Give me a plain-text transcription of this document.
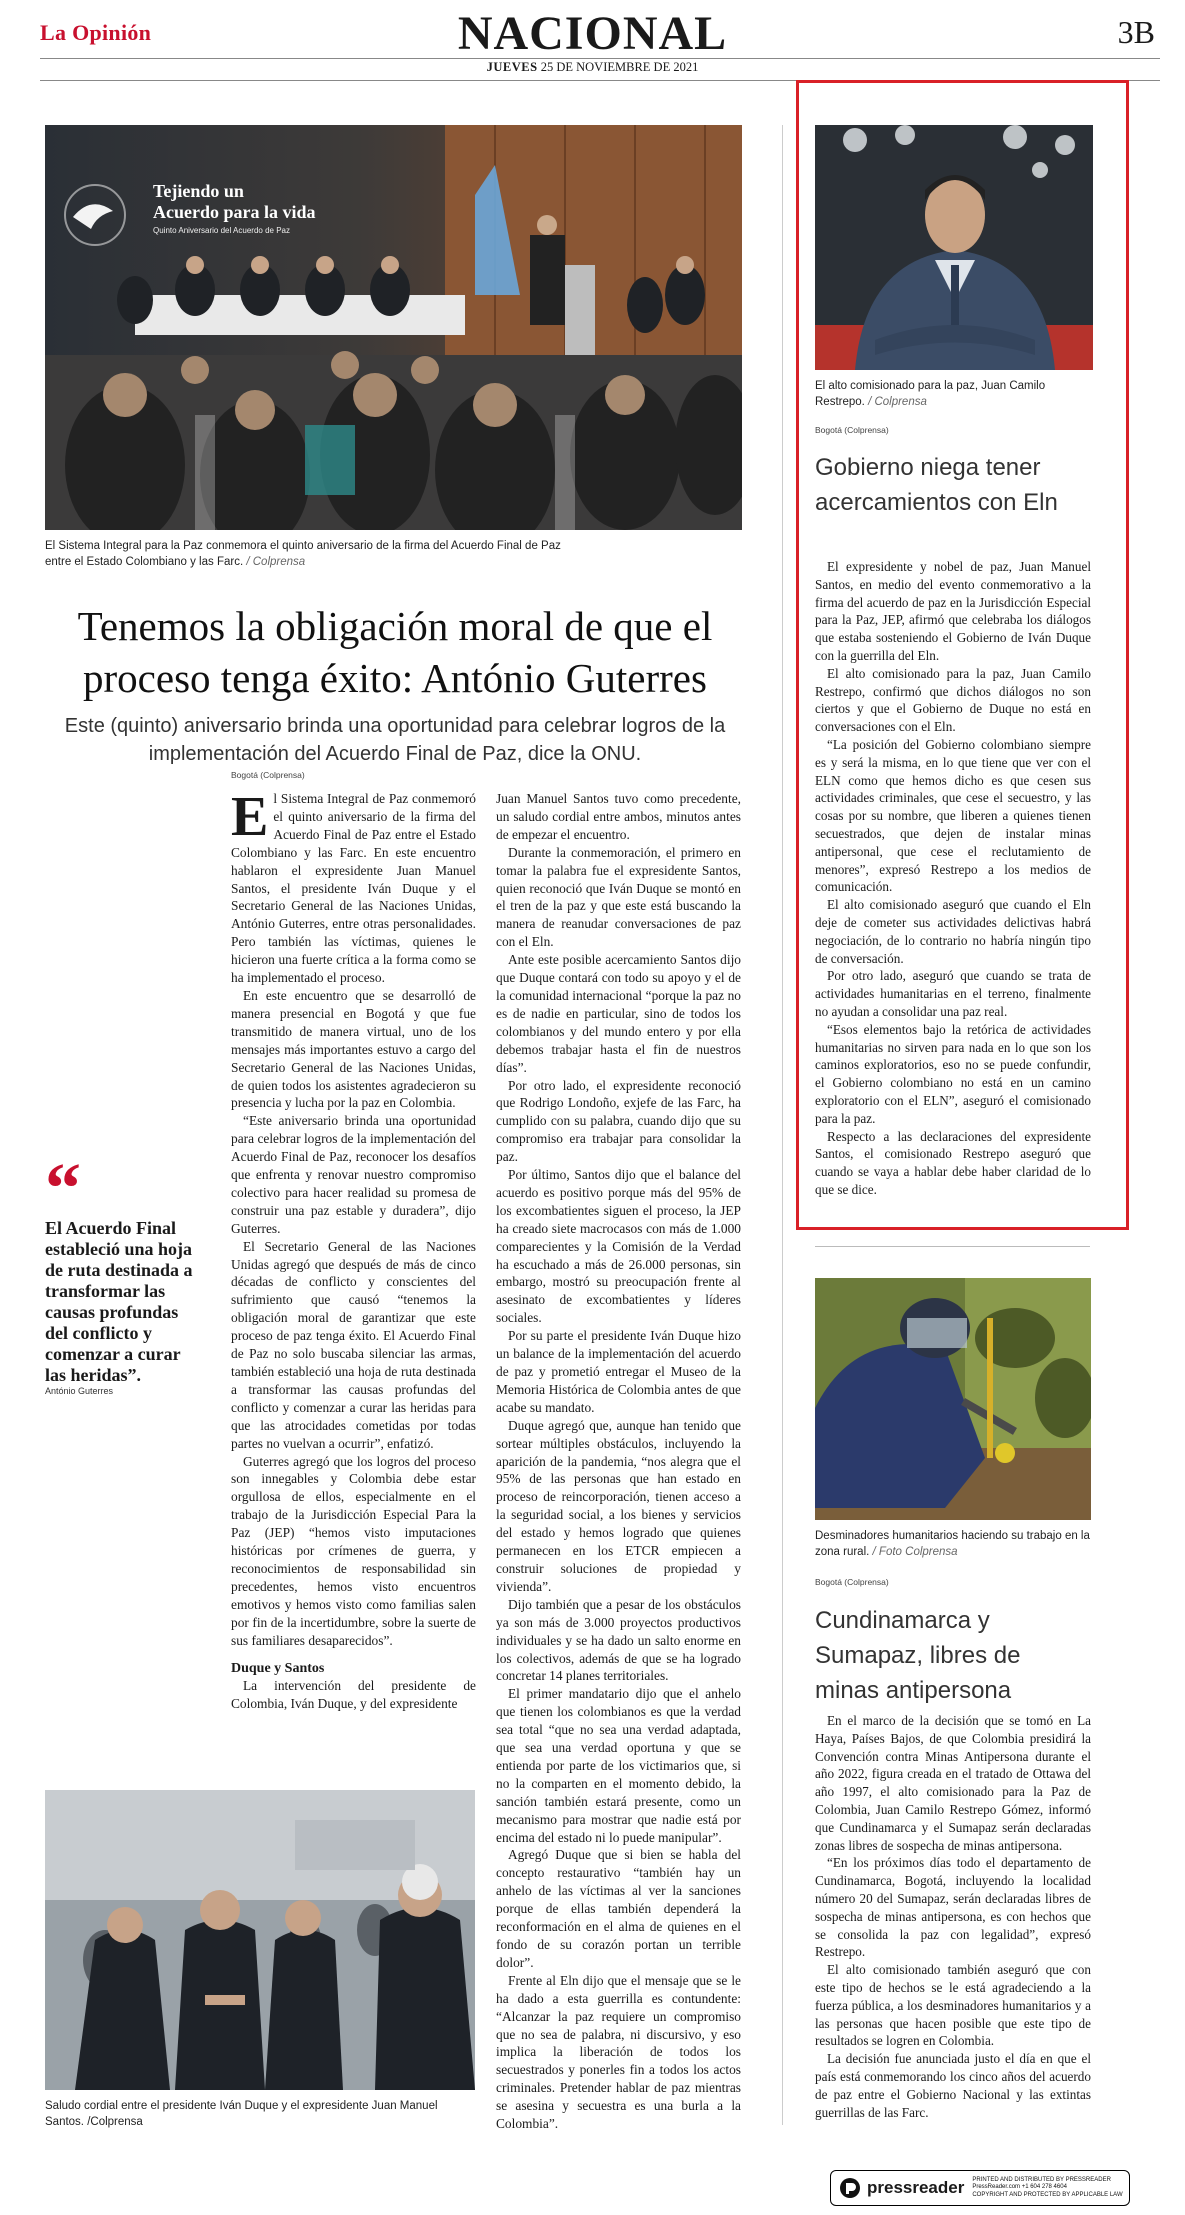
La Opinión	NACIONAL	3B
JUEVES 25 DE NOVIEMBRE DE 2021
Tejiendo un
Acuerdo para la vida
Quinto Aniversario del Acuerdo de Paz
El Sistema Integral para la Paz conmemora el quinto aniversario de la firma del Acuerdo Final de Paz entre el Estado Colombiano y las Farc. / Colprensa
Tenemos la obligación moral de que el proceso tenga éxito: António Guterres
Este (quinto) aniversario brinda una oportunidad para celebrar logros de la implementación del Acuerdo Final de Paz, dice la ONU.
“
El Acuerdo Final estableció una hoja de ruta destinada a transformar las causas profundas del conflicto y comenzar a curar las heridas”.
António Guterres
Bogotá (Colprensa)

El Sistema Integral de Paz conmemoró el quinto aniversario de la firma del Acuerdo Final de Paz entre el Estado Colombiano y las Farc. En este encuentro hablaron el expresidente Juan Manuel Santos, el presidente Iván Duque y el Secretario General de las Naciones Unidas, António Guterres, entre otras personalidades. Pero también las víctimas, quienes le hicieron una fuerte crítica a la forma como se ha implementado el proceso.

En este encuentro que se desarrolló de manera presencial en Bogotá y que fue transmitido de manera virtual, uno de los mensajes más importantes estuvo a cargo del Secretario General de las Naciones Unidas, de quien todos los asistentes agradecieron su presencia y lucha por la paz en Colombia.

“Este aniversario brinda una oportunidad para celebrar logros de la implementación del Acuerdo Final de Paz, reconocer los desafíos que enfrenta y renovar nuestro compromiso colectivo para hacer realidad su promesa de construir una paz estable y duradera”, dijo Guterres.

El Secretario General de las Naciones Unidas agregó que después de más de cinco décadas de conflicto y conscientes del sufrimiento que causó “tenemos la obligación moral de garantizar que este proceso de paz tenga éxito. El Acuerdo Final de Paz no solo buscaba silenciar las armas, también estableció una hoja de ruta destinada a transformar las causas profundas del conflicto y comenzar a curar las heridas para que las atrocidades cometidas por todas partes no vuelvan a ocurrir”, enfatizó.

Guterres agregó que los logros del proceso son innegables y Colombia debe estar orgullosa de ellos, especialmente en el trabajo de la Jurisdicción Especial Para la Paz (JEP) “hemos visto imputaciones históricas por crímenes de guerra, y reconocimientos de responsabilidad sin precedentes, hemos visto encuentros emotivos y hemos visto como familias salen por fin de la incertidumbre, sobre la suerte de sus familiares desaparecidos”.

Duque y Santos

La intervención del presidente de Colombia, Iván Duque, y del expresidente

Juan Manuel Santos tuvo como precedente, un saludo cordial entre ambos, minutos antes de empezar el encuentro.

Durante la conmemoración, el primero en tomar la palabra fue el expresidente Santos, quien reconoció que Iván Duque se montó en el tren de la paz y que este está buscando la manera de reanudar conversaciones de paz con el Eln.

Ante este posible acercamiento Santos dijo que Duque contará con todo su apoyo y el de la comunidad internacional “porque la paz no es de nadie en particular, sino de todos los colombianos y del mundo entero y por ella debemos trabajar hasta el fin de nuestros días”.

Por otro lado, el expresidente reconoció que Rodrigo Londoño, exjefe de las Farc, ha cumplido con su palabra, cuando dijo que su compromiso era trabajar para consolidar la paz.

Por último, Santos dijo que el balance del acuerdo es positivo porque más del 95% de los excombatientes siguen el proceso, la JEP ha creado siete macrocasos con más de 1.000 comparecientes y la Comisión de la Verdad ha escuchado a más de 26.000 personas, sin embargo, mostró su preocupación frente al asesinato de excombatientes y líderes sociales.

Por su parte el presidente Iván Duque hizo un balance de la implementación del acuerdo de paz y prometió entregar el Museo de la Memoria Histórica de Colombia antes de que acabe su mandato.

Duque agregó que, aunque han tenido que sortear múltiples obstáculos, incluyendo la aparición de la pandemia, “nos alegra que el 95% de las personas que han estado en proceso de reincorporación, tienen acceso a la seguridad social, a los bienes y servicios del estado y hemos logrado que quienes permanecen en los ETCR empiecen a construir soluciones de propiedad y vivienda”.

Dijo también que a pesar de los obstáculos ya son más de 3.000 proyectos productivos individuales y se ha dado un salto enorme en los colectivos, además de que se ha logrado concretar 14 planes territoriales.

El primer mandatario dijo que el anhelo que tienen los colombianos es que la verdad sea total “que no sea una verdad adaptada, que sea una verdad oportuna y que se entienda por parte de los victimarios que, si no la comparten en el momento debido, la sanción también estará presente, como un mecanismo para mostrar que nadie está por encima del estado ni lo puede manipular”.

Agregó Duque que si bien se habla del concepto restaurativo “también hay un anhelo de las víctimas al ver la sanciones porque de ellas también dependerá la reconformación en el alma de quienes en el fondo de su corazón portan un terrible dolor”.

Frente al Eln dijo que el mensaje que se le ha dado a esta guerrilla es contundente: “Alcanzar la paz requiere un compromiso que no sea de palabra, ni discursivo, y eso implica la liberación de todos los secuestrados y ponerles fin a todos los actos criminales. Pretender hablar de paz mientras se asesina y secuestra es una burla a la Colombia”.

Saludo cordial entre el presidente Iván Duque y el expresidente Juan Manuel Santos. /Colprensa
El alto comisionado para la paz, Juan Camilo Restrepo. / Colprensa
Bogotá (Colprensa)
Gobierno niega tener acercamientos con Eln

El expresidente y nobel de paz, Juan Manuel Santos, en medio del evento conmemorativo a la firma del acuerdo de paz en la Jurisdicción Especial para la Paz, JEP, afirmó que celebraba los diálogos que estaba sosteniendo el Gobierno de Iván Duque con la guerrilla del Eln.

El alto comisionado para la paz, Juan Camilo Restrepo, confirmó que dichos diálogos no son ciertos y que el Gobierno de Duque no está en conversaciones con el Eln.

“La posición del Gobierno colombiano siempre es y será la misma, en lo que tiene que ver con el ELN como que hemos dicho es que cesen sus actividades criminales, que cese el secuestro, y las cosas por su nombre, que liberen a quienes tienen secuestrados, que dejen de instalar minas antipersonal, que cese el reclutamiento de menores”, expresó Restrepo a los medios de comunicación.

El alto comisionado aseguró que cuando el Eln deje de cometer sus actividades delictivas habrá negociación, de lo contrario no habría ningún tipo de conversación.

Por otro lado, aseguró que cuando se trata de actividades humanitarias en el terreno, finalmente no ayudan a consolidar una paz real.

“Esos elementos bajo la retórica de actividades humanitarias no sirven para nada en lo que son los caminos exploratorios, eso no se puede confundir, el Gobierno colombiano no está en un camino exploratorio con el ELN”, aseguró el comisionado para la paz.

Respecto a las declaraciones del expresidente Santos, el comisionado Restrepo aseguró que cuando se vaya a hablar debe haber claridad de lo que se dice.

Desminadores humanitarios haciendo su trabajo en la zona rural. / Foto Colprensa
Bogotá (Colprensa)
Cundinamarca y Sumapaz, libres de minas antipersona

En el marco de la decisión que se tomó en La Haya, Países Bajos, de que Colombia presidirá la Convención contra Minas Antipersona durante el año 2022, figura creada en el tratado de Ottawa del año 1997, el alto comisionado para la Paz de Colombia, Juan Camilo Restrepo Gómez, informó que Cundinamarca y el Sumapaz serán declaradas zonas libres de sospecha de minas antipersona.

“En los próximos días todo el departamento de Cundinamarca, Bogotá, incluyendo la localidad número 20 del Sumapaz, serán declaradas libres de sospecha de minas antipersona, es con hechos que se consolida la paz con legalidad”, expresó Restrepo.

El alto comisionado también aseguró que con este tipo de hechos se le está agradeciendo a la fuerza pública, a los desminadores humanitarios y a las personas que hacen posible que este tipo de resultados se logren en Colombia.

La decisión fue anunciada justo el día en que el país está conmemorando los cinco años del acuerdo de paz entre el Gobierno Nacional y las extintas guerrillas de las Farc.

pressreader PRINTED AND DISTRIBUTED BY PRESSREADER
PressReader.com +1 604 278 4604
COPYRIGHT AND PROTECTED BY APPLICABLE LAW
